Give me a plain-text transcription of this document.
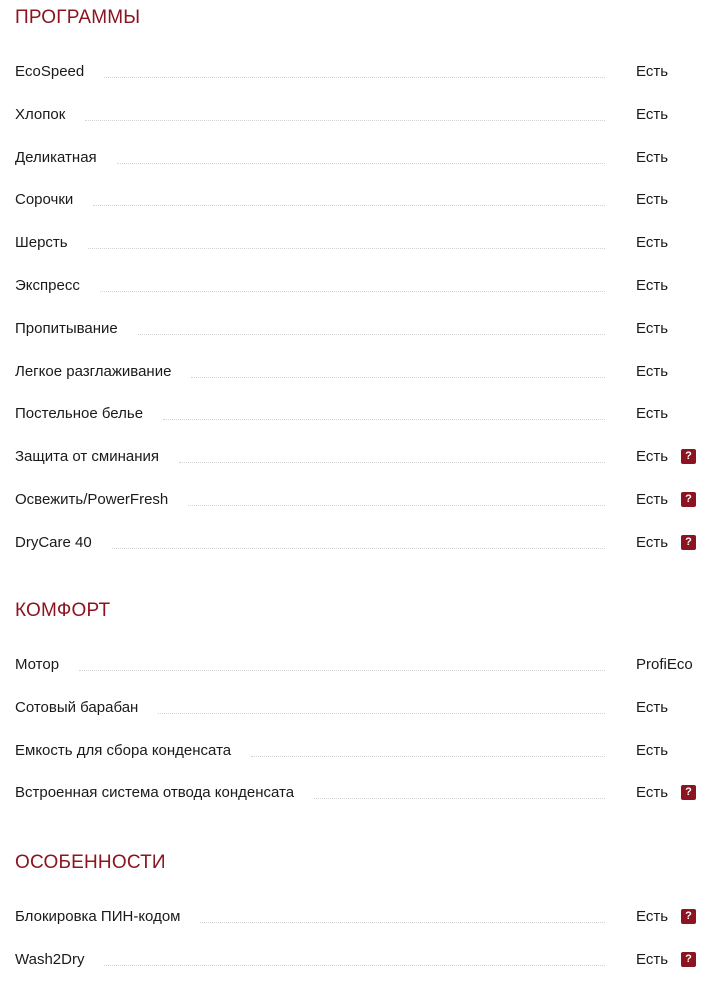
ПРОГРАММЫ
EcoSpeed	Есть
Хлопок	Есть
Деликатная	Есть
Сорочки	Есть
Шерсть	Есть
Экспресс	Есть
Пропитывание	Есть
Легкое разглаживание	Есть
Постельное белье	Есть
Защита от сминания	Есть	?
Освежить/PowerFresh	Есть	?
DryCare 40	Есть	?
КОМФОРТ
Мотор	ProfiEco
Сотовый барабан	Есть
Емкость для сбора конденсата	Есть
Встроенная система отвода конденсата	Есть	?
ОСОБЕННОСТИ
Блокировка ПИН-кодом	Есть	?
Wash2Dry	Есть	?
